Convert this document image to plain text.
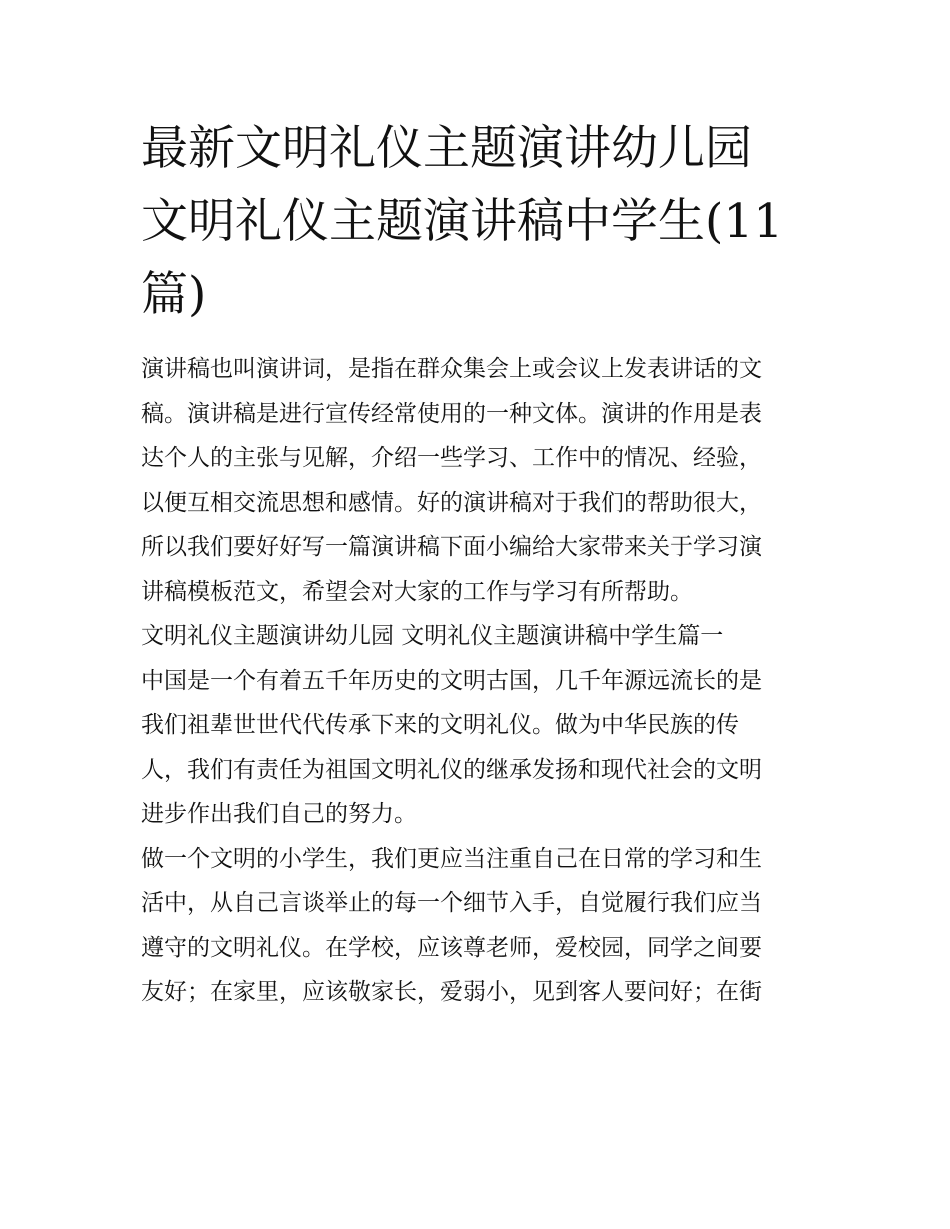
最新文明礼仪主题演讲幼儿园
文明礼仪主题演讲稿中学生(11
篇)

演讲稿也叫演讲词，是指在群众集会上或会议上发表讲话的文
稿。演讲稿是进行宣传经常使用的一种文体。演讲的作用是表
达个人的主张与见解，介绍一些学习、工作中的情况、经验，
以便互相交流思想和感情。好的演讲稿对于我们的帮助很大，
所以我们要好好写一篇演讲稿下面小编给大家带来关于学习演
讲稿模板范文，希望会对大家的工作与学习有所帮助。

文明礼仪主题演讲幼儿园 文明礼仪主题演讲稿中学生篇一

中国是一个有着五千年历史的文明古国，几千年源远流长的是
我们祖辈世世代代传承下来的文明礼仪。做为中华民族的传
人，我们有责任为祖国文明礼仪的继承发扬和现代社会的文明
进步作出我们自己的努力。

做一个文明的小学生，我们更应当注重自己在日常的学习和生
活中，从自己言谈举止的每一个细节入手，自觉履行我们应当
遵守的文明礼仪。在学校，应该尊老师，爱校园，同学之间要
友好；在家里，应该敬家长，爱弱小，见到客人要问好；在街
